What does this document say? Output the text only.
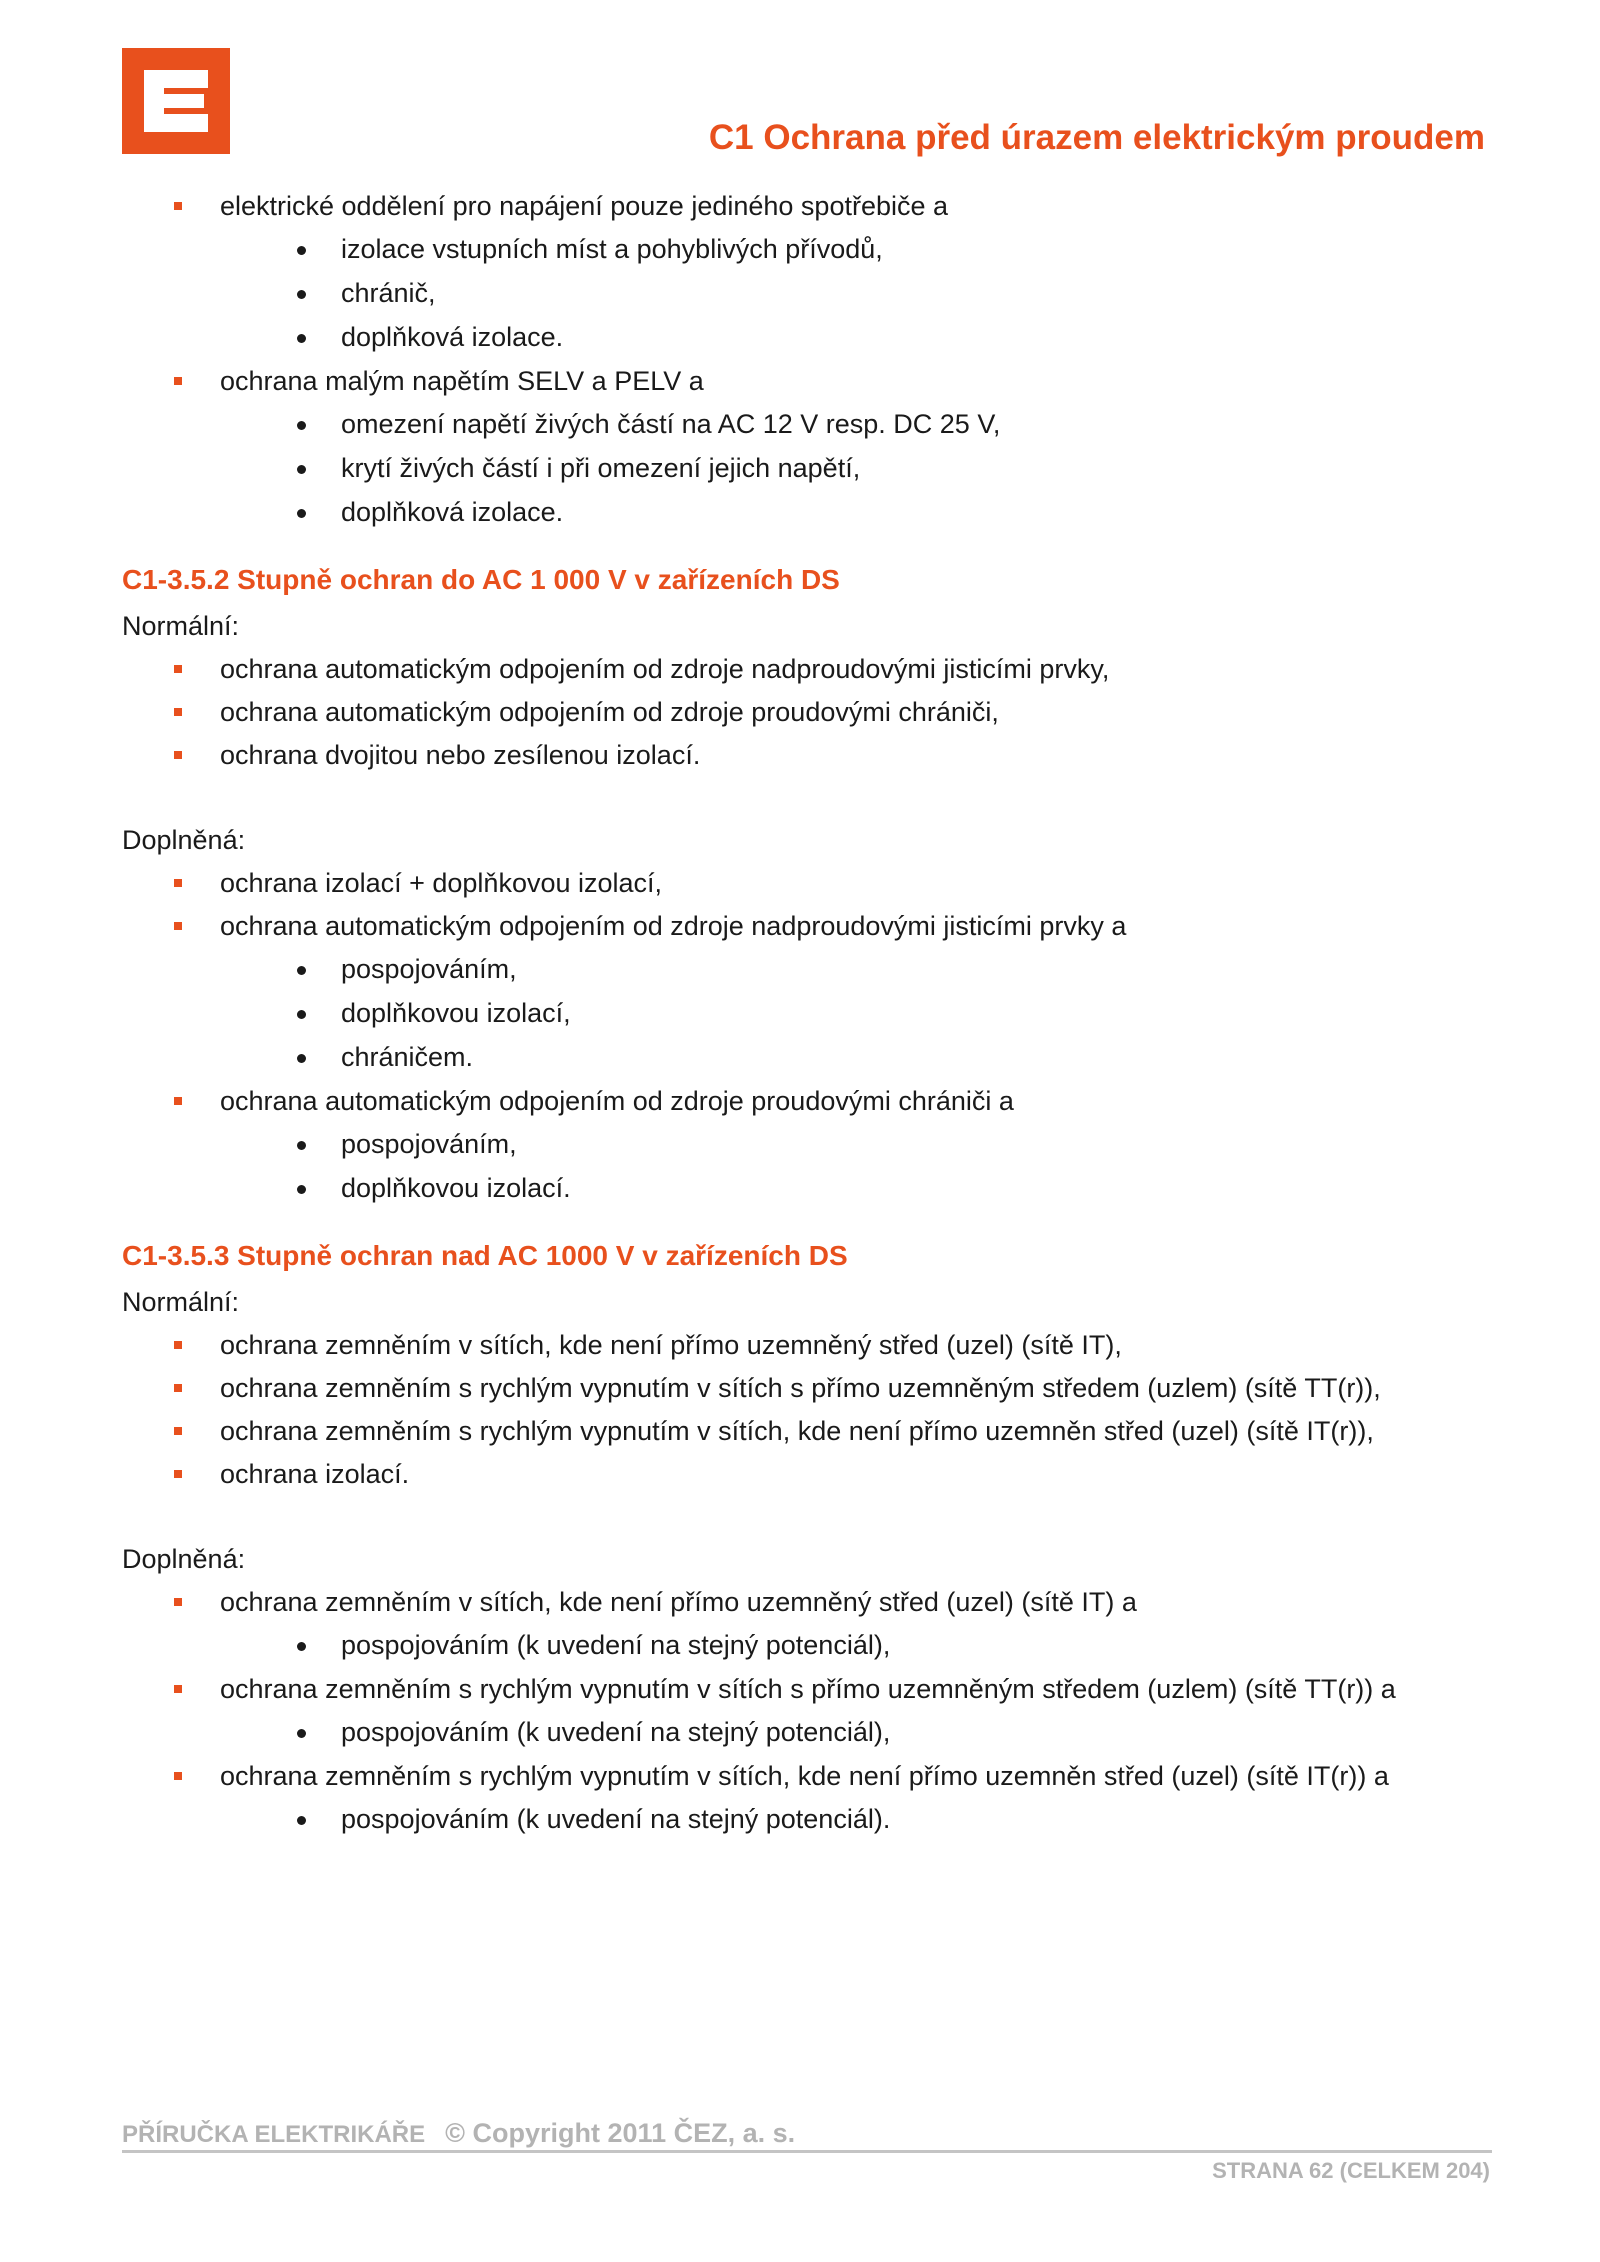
C1 Ochrana před úrazem elektrickým proudem
elektrické oddělení pro napájení pouze jediného spotřebiče a
izolace vstupních míst a pohyblivých přívodů,
chránič,
doplňková izolace.
ochrana malým napětím SELV a PELV a
omezení napětí živých částí na AC 12 V resp. DC 25 V,
krytí živých částí i při omezení jejich napětí,
doplňková izolace.
C1-3.5.2 Stupně ochran do AC 1 000 V v zařízeních DS
Normální:
ochrana automatickým odpojením od zdroje nadproudovými jisticími prvky,
ochrana automatickým odpojením od zdroje proudovými chrániči,
ochrana dvojitou nebo zesílenou izolací.
Doplněná:
ochrana izolací + doplňkovou izolací,
ochrana automatickým odpojením od zdroje nadproudovými jisticími prvky a
pospojováním,
doplňkovou izolací,
chráničem.
ochrana automatickým odpojením od zdroje proudovými chrániči a
pospojováním,
doplňkovou izolací.
C1-3.5.3 Stupně ochran nad AC 1000 V v zařízeních DS
Normální:
ochrana zemněním v sítích, kde není přímo uzemněný střed (uzel) (sítě IT),
ochrana zemněním s rychlým vypnutím v sítích s přímo uzemněným středem (uzlem) (sítě TT(r)),
ochrana zemněním s rychlým vypnutím v sítích, kde není přímo uzemněn střed (uzel) (sítě IT(r)),
ochrana izolací.
Doplněná:
ochrana zemněním v sítích, kde není přímo uzemněný střed (uzel) (sítě IT) a
pospojováním (k uvedení na stejný potenciál),
ochrana zemněním s rychlým vypnutím v sítích s přímo uzemněným středem (uzlem) (sítě TT(r)) a
pospojováním (k uvedení na stejný potenciál),
ochrana zemněním s rychlým vypnutím v sítích, kde není přímo uzemněn střed (uzel) (sítě IT(r)) a
pospojováním (k uvedení na stejný potenciál).
PŘÍRUČKA ELEKTRIKÁŘE © Copyright 2011 ČEZ, a. s.
STRANA 62 (CELKEM 204)
